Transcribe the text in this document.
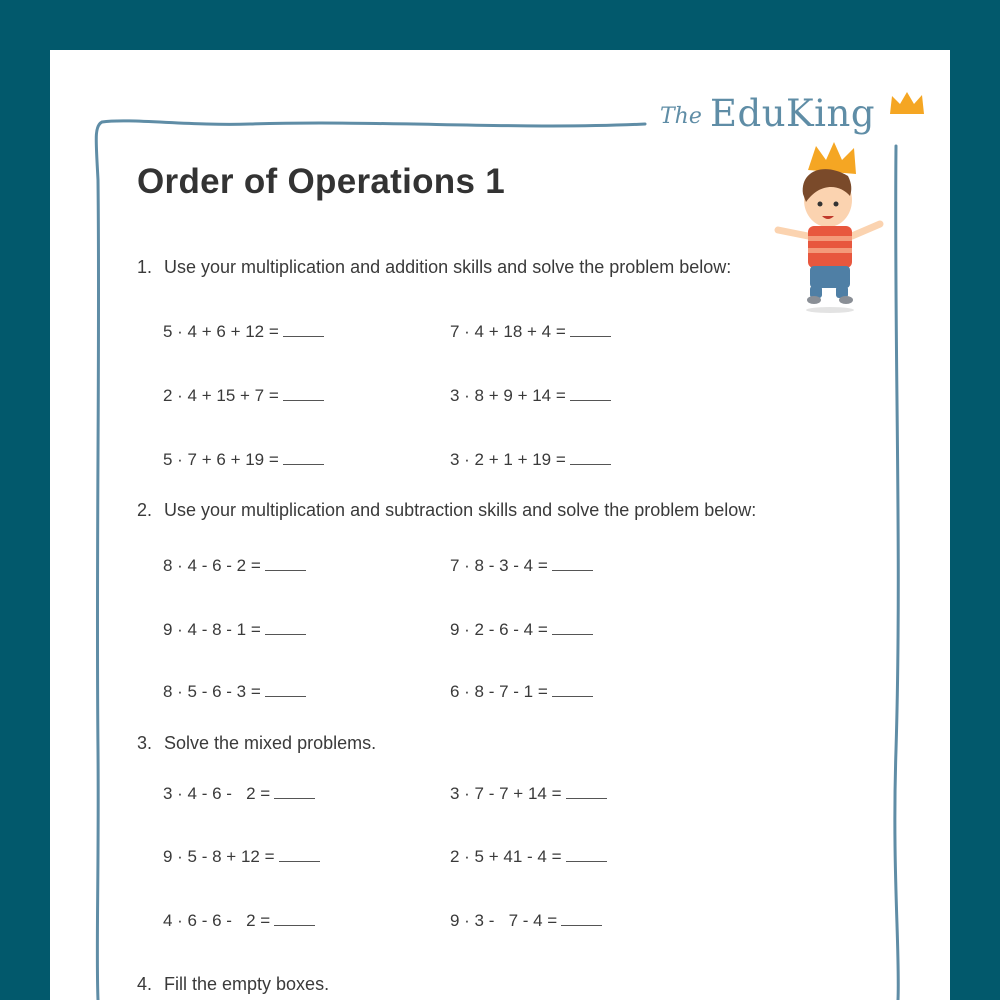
The EduKing
Order of Operations 1
1. Use your multiplication and addition skills and solve the problem below:
5 · 4 + 6 + 12 =	7 · 4 + 18 + 4 =
2 · 4 + 15 + 7 =	3 · 8 + 9 + 14 =
5 · 7 + 6 + 19 =	3 · 2 + 1 + 19 =
2. Use your multiplication and subtraction skills and solve the problem below:
8 · 4 - 6 - 2 =	7 · 8 - 3 - 4 =
9 · 4 - 8 - 1 =	9 · 2 - 6 - 4 =
8 · 5 - 6 - 3 =	6 · 8 - 7 - 1 =
3. Solve the mixed problems.
3 · 4 - 6 -   2 =	3 · 7 - 7 + 14 =
9 · 5 - 8 + 12 =	2 · 5 + 41 - 4 =
4 · 6 - 6 -   2 =	9 · 3 -   7 - 4 =
4. Fill the empty boxes.
